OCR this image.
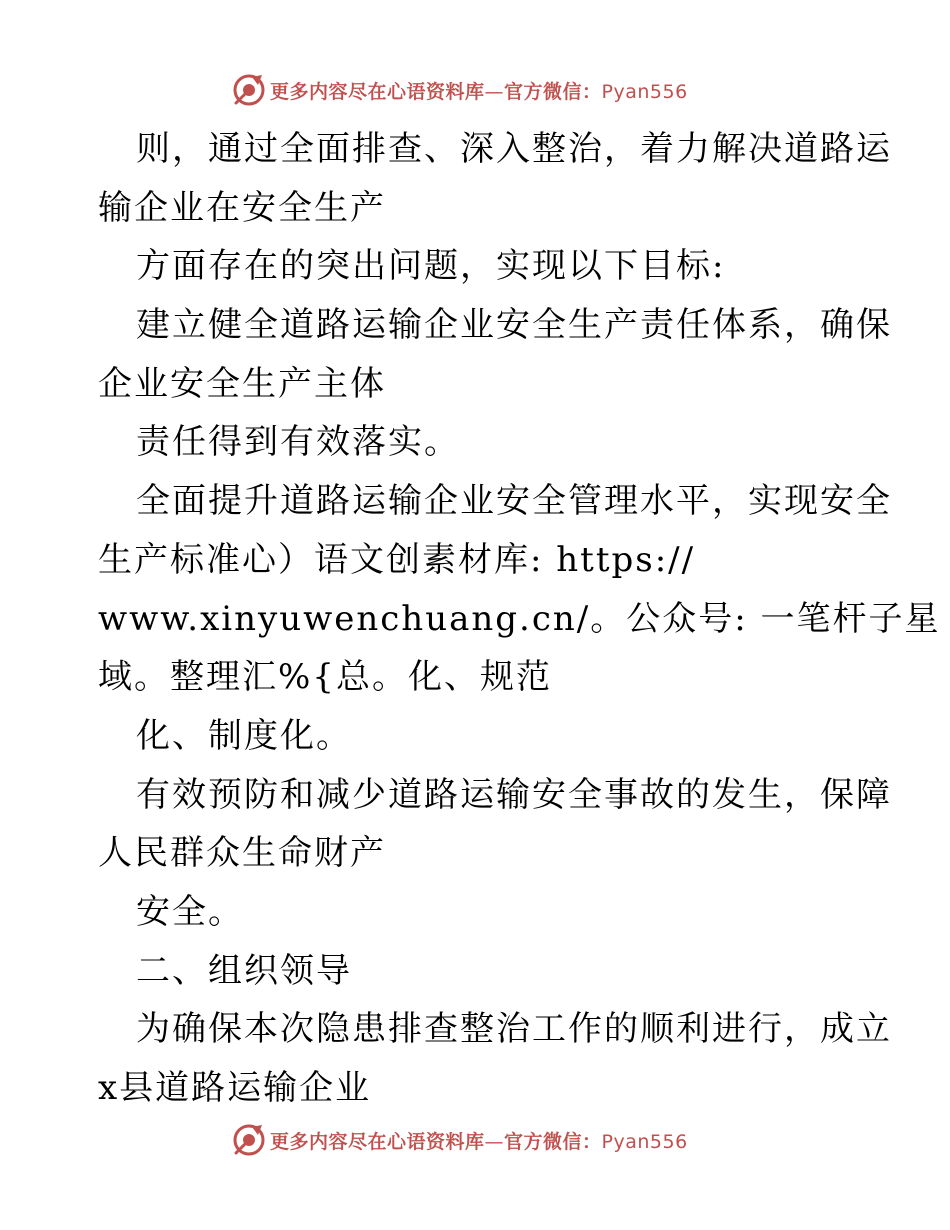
更多内容尽在心语资料库—官方微信：Pyan556
则，通过全面排查、深入整治，着力解决道路运
输企业在安全生产
方面存在的突出问题，实现以下目标:
建立健全道路运输企业安全生产责任体系，确保
企业安全生产主体
责任得到有效落实。
全面提升道路运输企业安全管理水平，实现安全
生产标准心）语文创素材库: https://
www.xinyuwenchuang.cn/。公众号: 一笔杆子星
域。整理汇%{总。化、规范
化、制度化。
有效预防和减少道路运输安全事故的发生，保障
人民群众生命财产
安全。
二、组织领导
为确保本次隐患排查整治工作的顺利进行，成立
x县道路运输企业
更多内容尽在心语资料库—官方微信：Pyan556
